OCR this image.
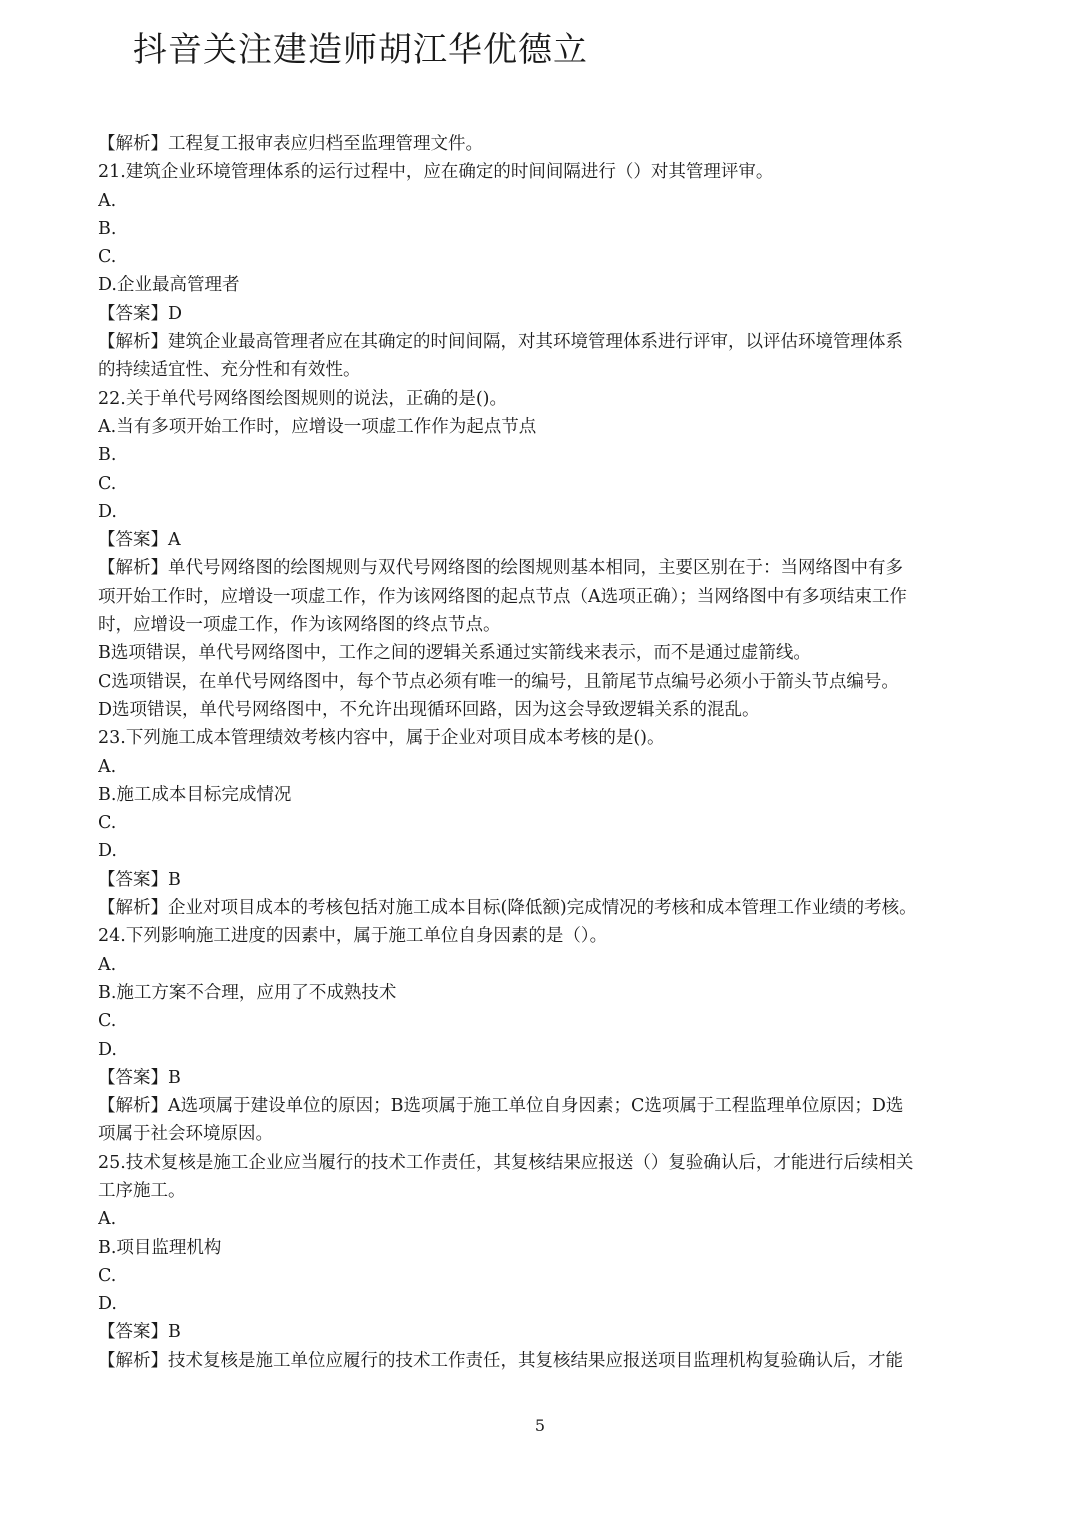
抖音关注建造师胡江华优德立
【解析】工程复工报审表应归档至监理管理文件。
21.建筑企业环境管理体系的运行过程中，应在确定的时间间隔进行（）对其管理评审。
A.
B.
C.
D.企业最高管理者
【答案】D
【解析】建筑企业最高管理者应在其确定的时间间隔，对其环境管理体系进行评审，以评估环境管理体系
的持续适宜性、充分性和有效性。
22.关于单代号网络图绘图规则的说法，正确的是()。
A.当有多项开始工作时，应增设一项虚工作作为起点节点
B.
C.
D.
【答案】A
【解析】单代号网络图的绘图规则与双代号网络图的绘图规则基本相同，主要区别在于：当网络图中有多
项开始工作时，应增设一项虚工作，作为该网络图的起点节点（A选项正确）；当网络图中有多项结束工作
时，应增设一项虚工作，作为该网络图的终点节点。
B选项错误，单代号网络图中，工作之间的逻辑关系通过实箭线来表示，而不是通过虚箭线。
C选项错误，在单代号网络图中，每个节点必须有唯一的编号，且箭尾节点编号必须小于箭头节点编号。
D选项错误，单代号网络图中，不允许出现循环回路，因为这会导致逻辑关系的混乱。
23.下列施工成本管理绩效考核内容中，属于企业对项目成本考核的是()。
A.
B.施工成本目标完成情况
C.
D.
【答案】B
【解析】企业对项目成本的考核包括对施工成本目标(降低额)完成情况的考核和成本管理工作业绩的考核。
24.下列影响施工进度的因素中，属于施工单位自身因素的是（）。
A.
B.施工方案不合理，应用了不成熟技术
C.
D.
【答案】B
【解析】A选项属于建设单位的原因；B选项属于施工单位自身因素；C选项属于工程监理单位原因；D选
项属于社会环境原因。
25.技术复核是施工企业应当履行的技术工作责任，其复核结果应报送（）复验确认后，才能进行后续相关
工序施工。
A.
B.项目监理机构
C.
D.
【答案】B
【解析】技术复核是施工单位应履行的技术工作责任，其复核结果应报送项目监理机构复验确认后，才能
5
